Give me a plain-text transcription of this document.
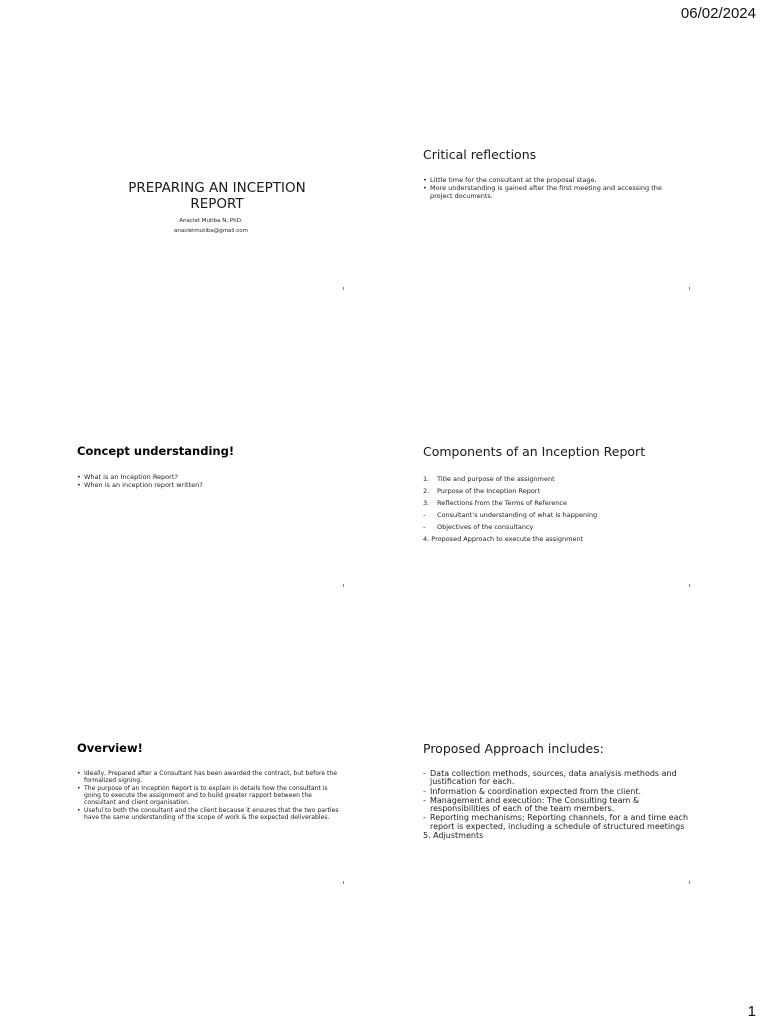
06/02/2024
PREPARING AN INCEPTION REPORT
Anaclet Mutiba N, PhD.
anacletmutiba@gmail.com
Critical reflections
• Little time for the consultant at the proposal stage.
• More understanding is gained after the first meeting and accessing the project documents.
Concept understanding!
• What is an Inception Report?
• When is an inception report written?
Components of an Inception Report
1. Title and purpose of the assignment
2. Purpose of the Inception Report
3. Reflections from the Terms of Reference
- Consultant’s understanding of what is happening
- Objectives of the consultancy
4. Proposed Approach to execute the assignment
Overview!
• Ideally, Prepared after a Consultant has been awarded the contract, but before the formalized signing.
• The purpose of an Inception Report is to explain in details how the consultant is going to execute the assignment and to build greater rapport between the consultant and client organisation.
• Useful to both the consultant and the client because it ensures that the two parties have the same understanding of the scope of work & the expected deliverables.
Proposed Approach includes:
- Data collection methods, sources, data analysis methods and justification for each.
- Information & coordination expected from the client.
- Management and execution: The Consulting team & responsibilities of each of the team members.
- Reporting mechanisms; Reporting channels, for a and time each report is expected, including a schedule of structured meetings
5. Adjustments
1
